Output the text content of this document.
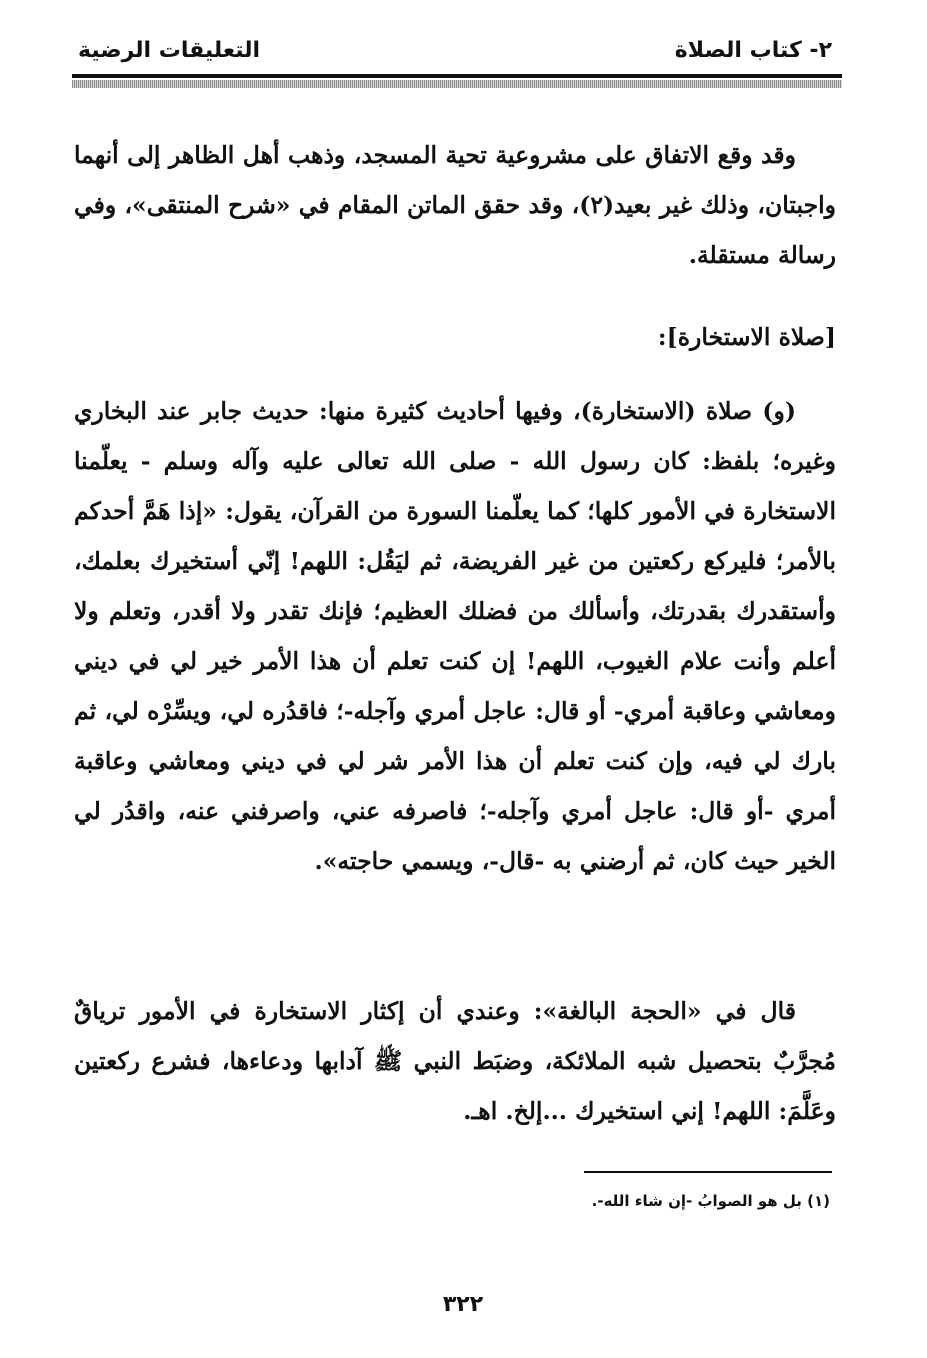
٢- كتاب الصلاة
التعليقات الرضية
وقد وقع الاتفاق على مشروعية تحية المسجد، وذهب أهل الظاهر إلى أنهما واجبتان، وذلك غير بعيد(٢)، وقد حقق الماتن المقام في «شرح المنتقى»، وفي رسالة مستقلة.
[صلاة الاستخارة]:
(و) صلاة (الاستخارة)، وفيها أحاديث كثيرة منها: حديث جابر عند البخاري وغيره؛ بلفظ: كان رسول الله - صلى الله تعالى عليه وآله وسلم - يعلّمنا الاستخارة في الأمور كلها؛ كما يعلّمنا السورة من القرآن، يقول: «إذا هَمَّ أحدكم بالأمر؛ فليركع ركعتين من غير الفريضة، ثم ليَقُل: اللهم! إنّي أستخيرك بعلمك، وأستقدرك بقدرتك، وأسألك من فضلك العظيم؛ فإنك تقدر ولا أقدر، وتعلم ولا أعلم وأنت علام الغيوب، اللهم! إن كنت تعلم أن هذا الأمر خير لي في ديني ومعاشي وعاقبة أمري- أو قال: عاجل أمري وآجله-؛ فاقدُره لي، ويسِّرْه لي، ثم بارك لي فيه، وإن كنت تعلم أن هذا الأمر شر لي في ديني ومعاشي وعاقبة أمري -أو قال: عاجل أمري وآجله-؛ فاصرفه عني، واصرفني عنه، واقدُر لي الخير حيث كان، ثم أرضني به -قال-، ويسمي حاجته».
قال في «الحجة البالغة»: وعندي أن إكثار الاستخارة في الأمور ترياقٌ مُجرَّبٌ بتحصيل شبه الملائكة، وضبَط النبي ﷺ آدابها ودعاءها، فشرع ركعتين وعَلَّمَ: اللهم! إني استخيرك ...إلخ. اهـ.
(١) بل هو الصوابُ -إن شاء الله-.
٣٢٢
